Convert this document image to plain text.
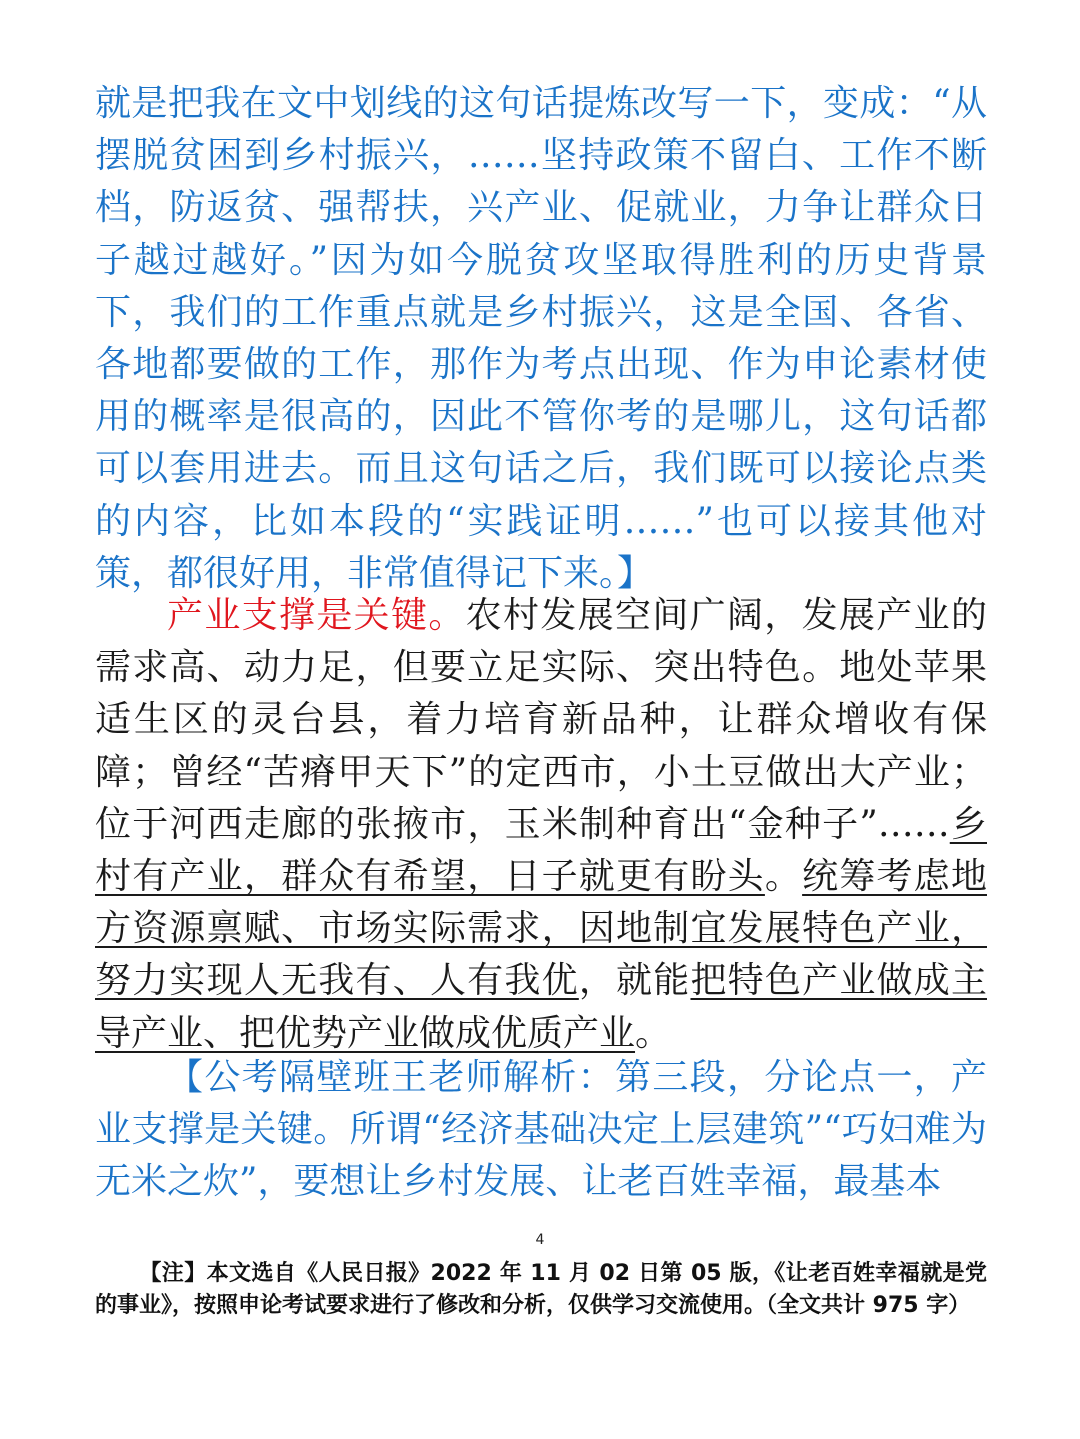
就是把我在文中划线的这句话提炼改写一下，变成：“从摆脱贫困到乡村振兴，……坚持政策不留白、工作不断档，防返贫、强帮扶，兴产业、促就业，力争让群众日子越过越好。”因为如今脱贫攻坚取得胜利的历史背景下，我们的工作重点就是乡村振兴，这是全国、各省、各地都要做的工作，那作为考点出现、作为申论素材使用的概率是很高的，因此不管你考的是哪儿，这句话都可以套用进去。而且这句话之后，我们既可以接论点类的内容，比如本段的“实践证明……”也可以接其他对策，都很好用，非常值得记下来。】

产业支撑是关键。农村发展空间广阔，发展产业的需求高、动力足，但要立足实际、突出特色。地处苹果适生区的灵台县，着力培育新品种，让群众增收有保障；曾经“苦瘠甲天下”的定西市，小土豆做出大产业；位于河西走廊的张掖市，玉米制种育出“金种子”……乡村有产业，群众有希望，日子就更有盼头。统筹考虑地方资源禀赋、市场实际需求，因地制宜发展特色产业，努力实现人无我有、人有我优，就能把特色产业做成主导产业、把优势产业做成优质产业。

【公考隔壁班王老师解析：第三段，分论点一，产业支撑是关键。所谓“经济基础决定上层建筑”“巧妇难为无米之炊”，要想让乡村发展、让老百姓幸福，最基本

4

【注】本文选自《人民日报》2022 年 11 月 02 日第 05 版，《让老百姓幸福就是党的事业》，按照申论考试要求进行了修改和分析，仅供学习交流使用。（全文共计 975 字）
